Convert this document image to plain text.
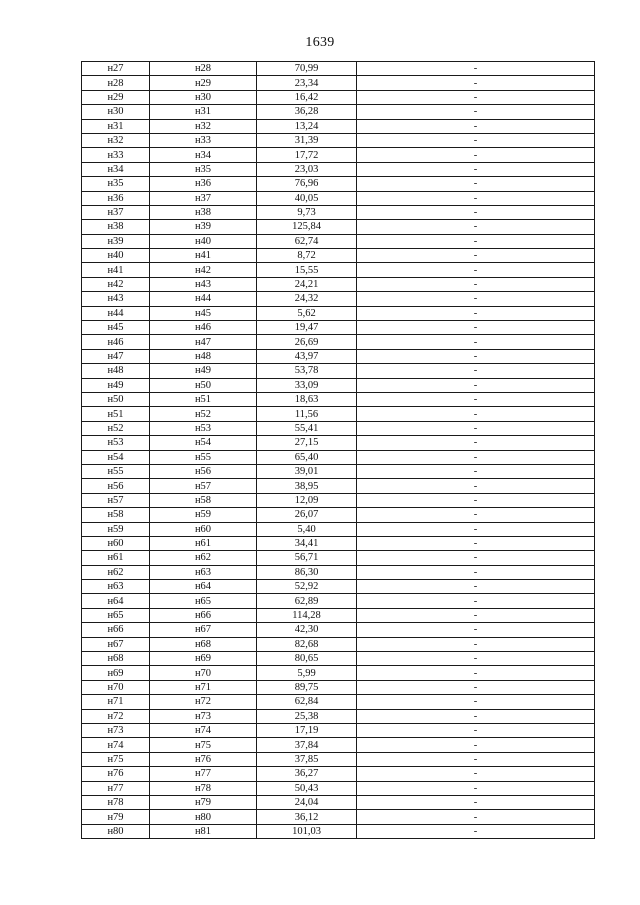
1639
н27	н28	70,99	-
н28	н29	23,34	-
н29	н30	16,42	-
н30	н31	36,28	-
н31	н32	13,24	-
н32	н33	31,39	-
н33	н34	17,72	-
н34	н35	23,03	-
н35	н36	76,96	-
н36	н37	40,05	-
н37	н38	9,73	-
н38	н39	125,84	-
н39	н40	62,74	-
н40	н41	8,72	-
н41	н42	15,55	-
н42	н43	24,21	-
н43	н44	24,32	-
н44	н45	5,62	-
н45	н46	19,47	-
н46	н47	26,69	-
н47	н48	43,97	-
н48	н49	53,78	-
н49	н50	33,09	-
н50	н51	18,63	-
н51	н52	11,56	-
н52	н53	55,41	-
н53	н54	27,15	-
н54	н55	65,40	-
н55	н56	39,01	-
н56	н57	38,95	-
н57	н58	12,09	-
н58	н59	26,07	-
н59	н60	5,40	-
н60	н61	34,41	-
н61	н62	56,71	-
н62	н63	86,30	-
н63	н64	52,92	-
н64	н65	62,89	-
н65	н66	114,28	-
н66	н67	42,30	-
н67	н68	82,68	-
н68	н69	80,65	-
н69	н70	5,99	-
н70	н71	89,75	-
н71	н72	62,84	-
н72	н73	25,38	-
н73	н74	17,19	-
н74	н75	37,84	-
н75	н76	37,85	-
н76	н77	36,27	-
н77	н78	50,43	-
н78	н79	24,04	-
н79	н80	36,12	-
н80	н81	101,03	-
